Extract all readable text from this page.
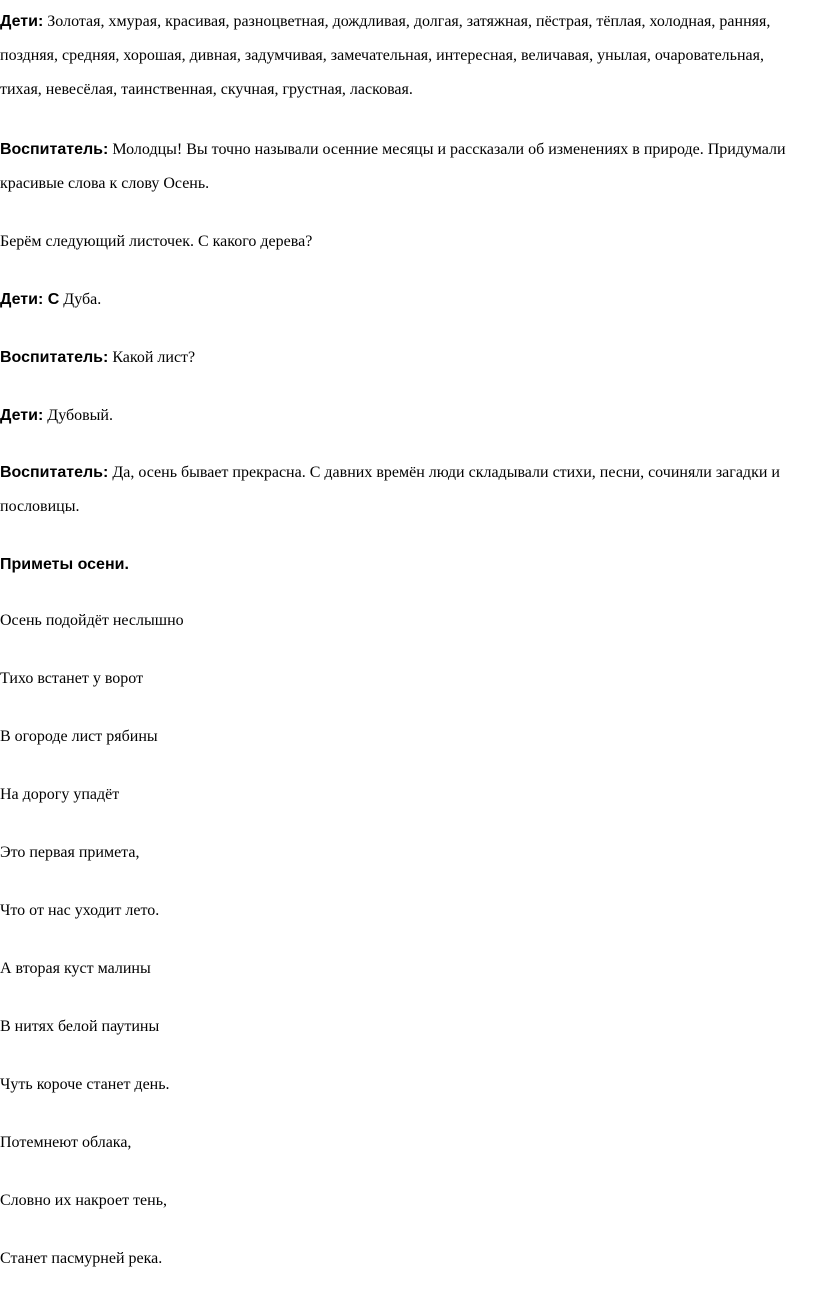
Дети: Золотая, хмурая, красивая, разноцветная, дождливая, долгая, затяжная, пёстрая, тёплая, холодная, ранняя, поздняя, средняя, хорошая, дивная, задумчивая, замечательная, интересная, величавая, унылая, очаровательная, тихая, невесёлая, таинственная, скучная, грустная, ласковая.

Воспитатель: Молодцы! Вы точно называли осенние месяцы и рассказали об изменениях в природе. Придумали красивые слова к слову Осень.

Берём следующий листочек. С какого дерева?

Дети: С Дуба.

Воспитатель: Какой лист?

Дети: Дубовый.

Воспитатель: Да, осень бывает прекрасна. С давних времён люди складывали стихи, песни, сочиняли загадки и пословицы.

Приметы осени.

Осень подойдёт неслышно

Тихо встанет у ворот

В огороде лист рябины

На дорогу упадёт

Это первая примета,

Что от нас уходит лето.

А вторая куст малины

В нитях белой паутины

Чуть короче станет день.

Потемнеют облака,

Словно их накроет тень,

Станет пасмурней река.
